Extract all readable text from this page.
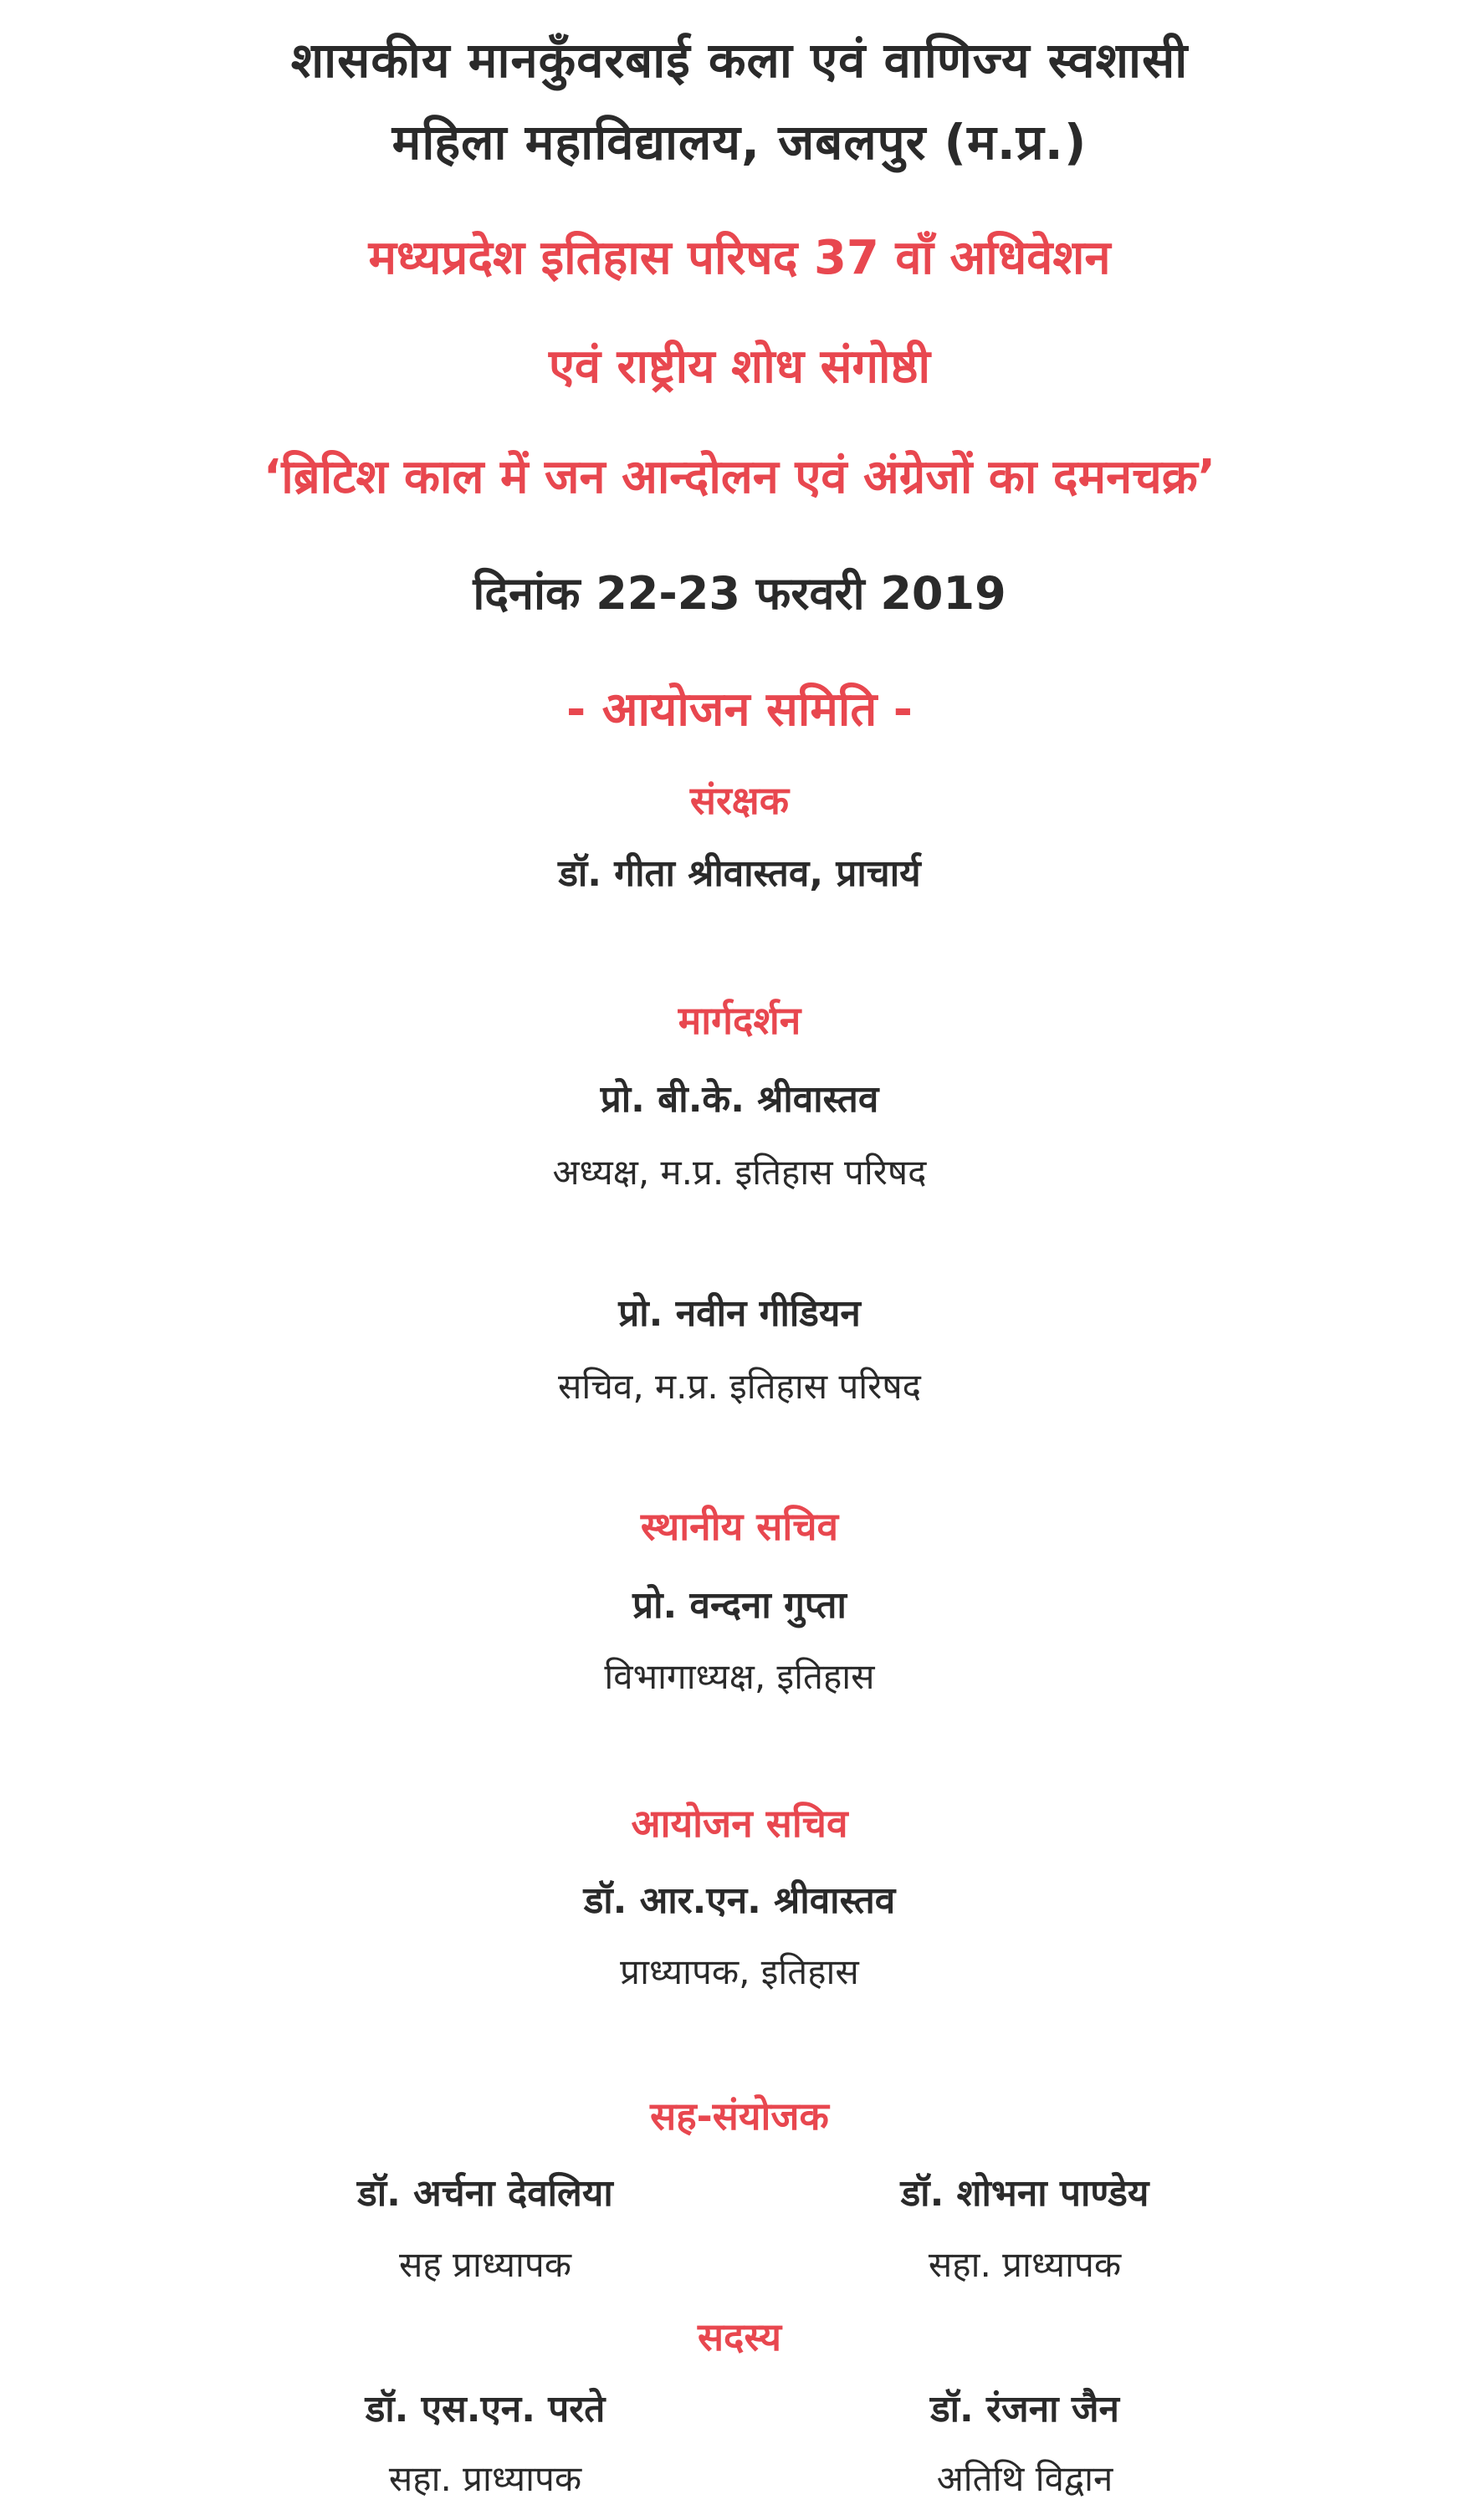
शासकीय मानकुँवरबाई कला एवं वाणिज्य स्वशासी
महिला महाविद्यालय, जबलपुर (म.प्र.)
मध्यप्रदेश इतिहास परिषद 37 वाँ अधिवेशन
एवं राष्ट्रीय शोध संगोष्ठी
‘ब्रिटिश काल में जन आन्दोलन एवं अंग्रेजों का दमनचक्र’
दिनांक 22-23 फरवरी 2019
- आयोजन समिति -
संरक्षक
डॉ. गीता श्रीवास्तव, प्राचार्य
मार्गदर्शन
प्रो. बी.के. श्रीवास्तव
अध्यक्ष, म.प्र. इतिहास परिषद
प्रो. नवीन गीडियन
सचिव, म.प्र. इतिहास परिषद
स्थानीय सचिव
प्रो. वन्दना गुप्ता
विभागाध्यक्ष, इतिहास
आयोजन सचिव
डॉ. आर.एन. श्रीवास्तव
प्राध्यापक, इतिहास
सह-संयोजक
डॉ. अर्चना देवलिया	डॉ. शोभना पाण्डेय
सह प्राध्यापक	सहा. प्राध्यापक
सदस्य
डॉ. एस.एन. परते	डॉ. रंजना जैन
सहा. प्राध्यापक	अतिथि विद्वान
